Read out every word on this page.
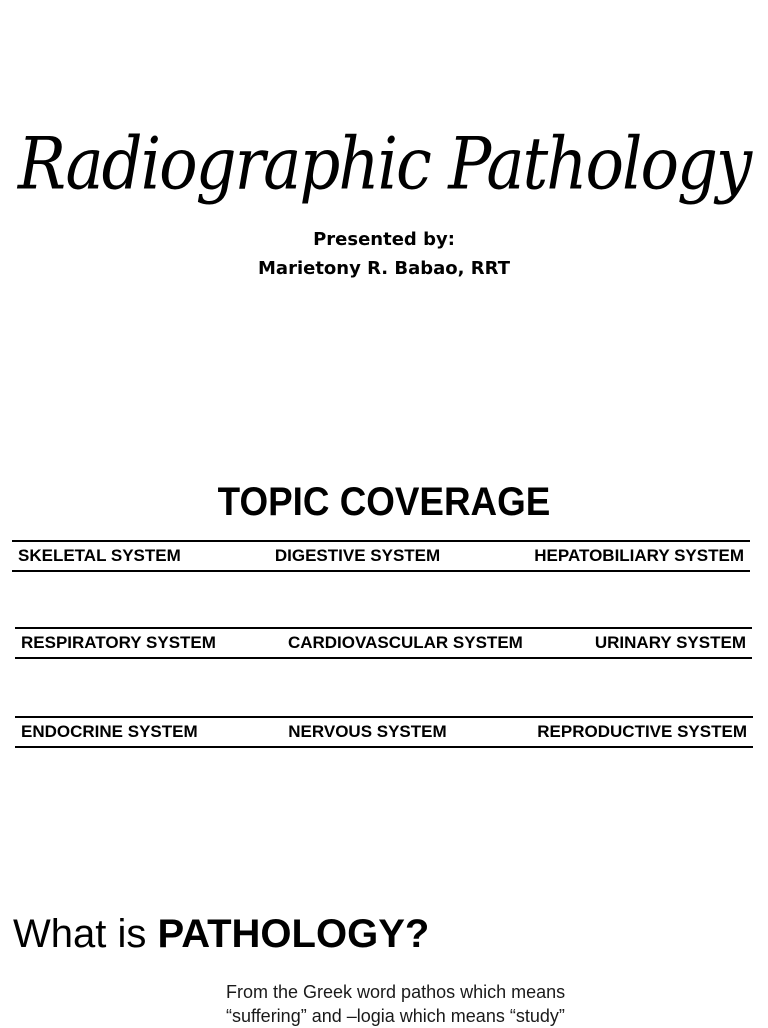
Radiographic Pathology
Presented by:
Marietony R. Babao, RRT
TOPIC COVERAGE
SKELETAL SYSTEM	DIGESTIVE SYSTEM	HEPATOBILIARY SYSTEM
RESPIRATORY SYSTEM	CARDIOVASCULAR SYSTEM	URINARY SYSTEM
ENDOCRINE SYSTEM	NERVOUS SYSTEM	REPRODUCTIVE SYSTEM
What is PATHOLOGY?
From the Greek word pathos which means
“suffering” and –logia which means “study”
